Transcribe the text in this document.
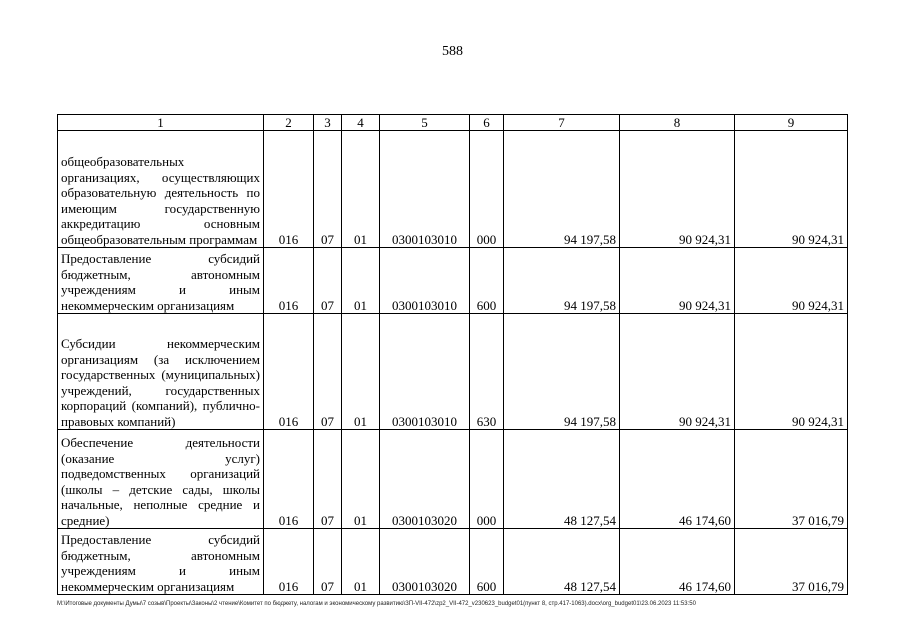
588
1	2	3	4	5	6	7	8	9
общеобразовательных организациях, осуществляющих образовательную деятельность по имеющим государственную аккредитацию основным общеобразовательным программам	016	07	01	0300103010	000	94 197,58	90 924,31	90 924,31
Предоставление субсидий бюджетным, автономным учреждениям и иным некоммерческим организациям	016	07	01	0300103010	600	94 197,58	90 924,31	90 924,31
Субсидии некоммерческим организациям (за исключением государственных (муниципальных) учреждений, государственных корпораций (компаний), публично-правовых компаний)	016	07	01	0300103010	630	94 197,58	90 924,31	90 924,31
Обеспечение деятельности (оказание услуг) подведомственных организаций (школы – детские сады, школы начальные, неполные средние и средние)	016	07	01	0300103020	000	48 127,54	46 174,60	37 016,79
Предоставление субсидий бюджетным, автономным учреждениям и иным некоммерческим организациям	016	07	01	0300103020	600	48 127,54	46 174,60	37 016,79
M:\Итоговые документы Думы\7 созыв\Проекты\Законы\2 чтение\Комитет по бюджету, налогам и экономическому развитию\ЗП-VII-472\zp2_VII-472_v230623_budget01(пункт 8, стр.417-1063).docx\org_budget01\23.06.2023 11:53:50
